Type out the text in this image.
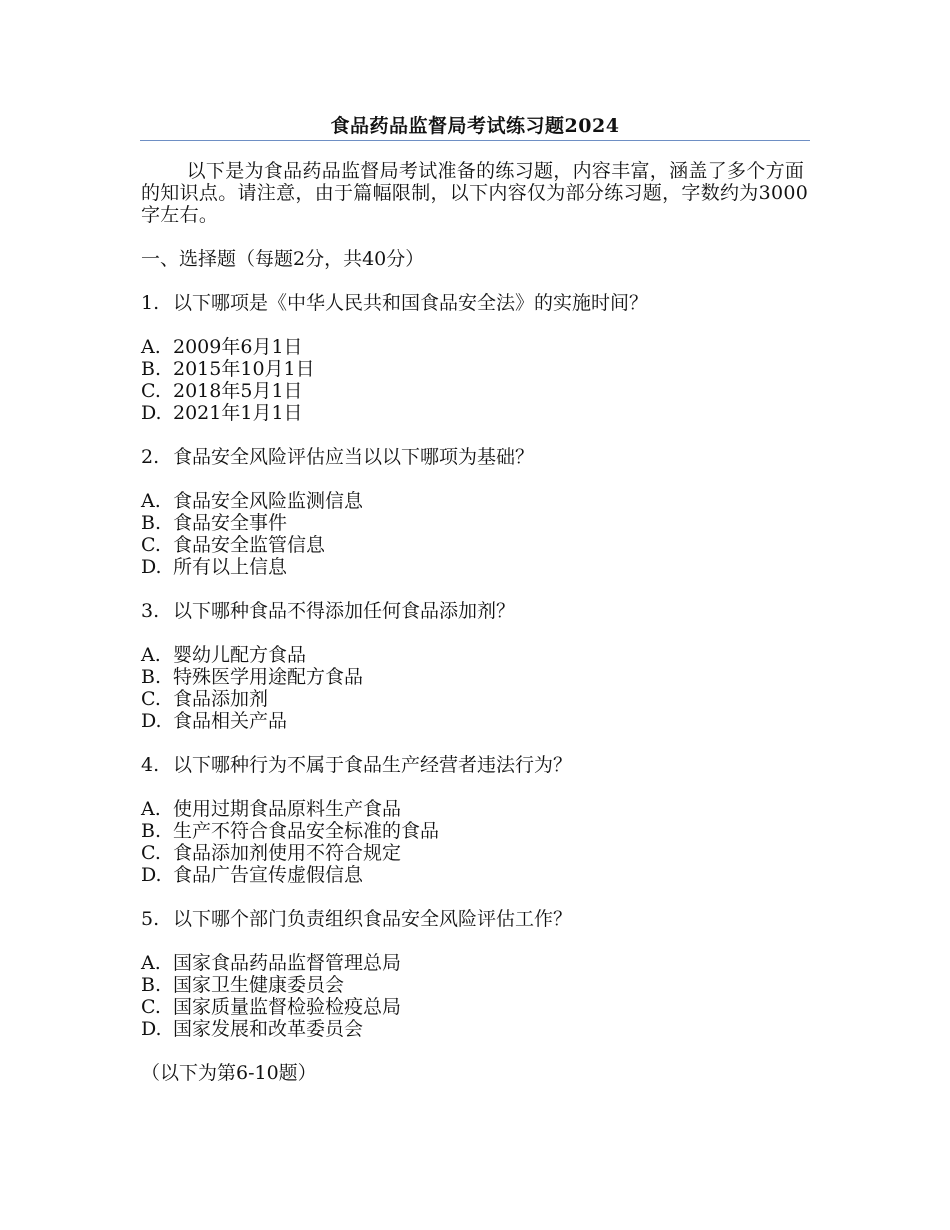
食品药品监督局考试练习题2024

以下是为食品药品监督局考试准备的练习题，内容丰富，涵盖了多个方面的知识点。请注意，由于篇幅限制，以下内容仅为部分练习题，字数约为3000字左右。

一、选择题（每题2分，共40分）

1. 以下哪项是《中华人民共和国食品安全法》的实施时间？

A. 2009年6月1日
B. 2015年10月1日
C. 2018年5月1日
D. 2021年1月1日

2. 食品安全风险评估应当以以下哪项为基础？

A. 食品安全风险监测信息
B. 食品安全事件
C. 食品安全监管信息
D. 所有以上信息

3. 以下哪种食品不得添加任何食品添加剂？

A. 婴幼儿配方食品
B. 特殊医学用途配方食品
C. 食品添加剂
D. 食品相关产品

4. 以下哪种行为不属于食品生产经营者违法行为？

A. 使用过期食品原料生产食品
B. 生产不符合食品安全标准的食品
C. 食品添加剂使用不符合规定
D. 食品广告宣传虚假信息

5. 以下哪个部门负责组织食品安全风险评估工作？

A. 国家食品药品监督管理总局
B. 国家卫生健康委员会
C. 国家质量监督检验检疫总局
D. 国家发展和改革委员会

（以下为第6-10题）
